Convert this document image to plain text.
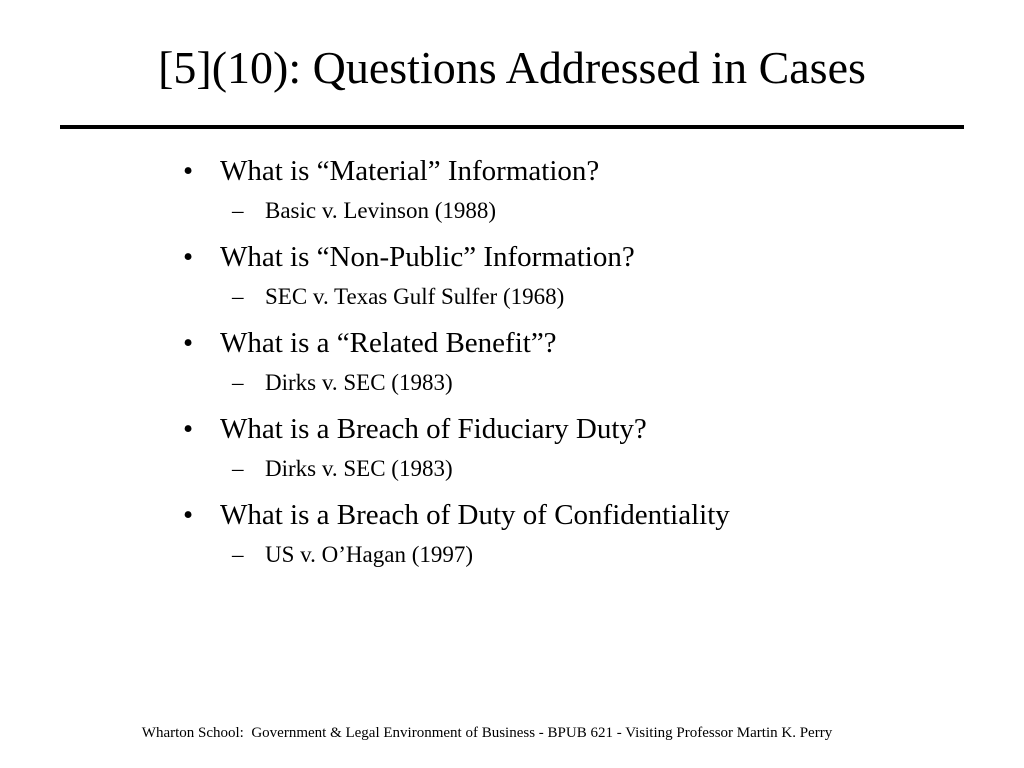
[5](10): Questions Addressed in Cases
• What is “Material” Information?
– Basic v. Levinson (1988)
• What is “Non-Public” Information?
– SEC v. Texas Gulf Sulfer (1968)
• What is a “Related Benefit”?
– Dirks v. SEC (1983)
• What is a Breach of Fiduciary Duty?
– Dirks v. SEC (1983)
• What is a Breach of Duty of Confidentiality
– US v. O’Hagan (1997)
Wharton School:  Government & Legal Environment of Business - BPUB 621 - Visiting Professor Martin K. Perry
